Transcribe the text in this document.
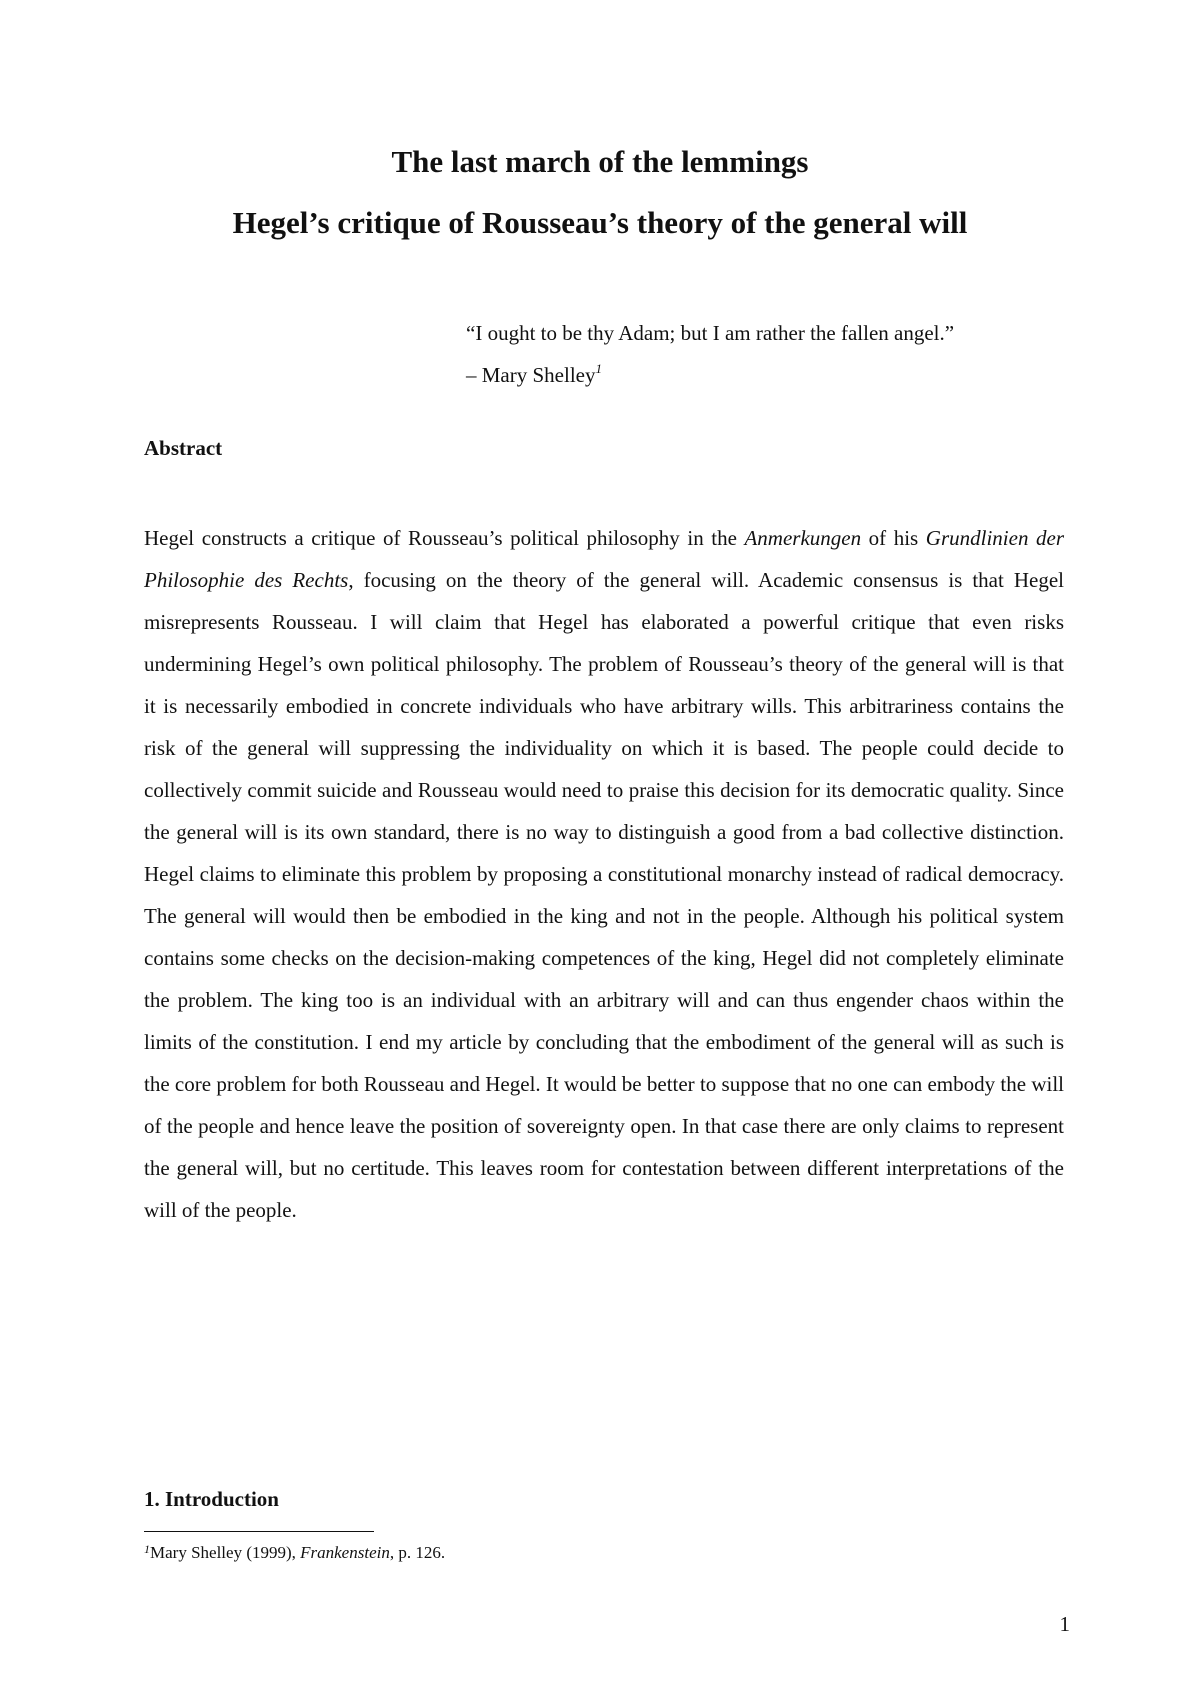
The last march of the lemmings

Hegel’s critique of Rousseau’s theory of the general will

“I ought to be thy Adam; but I am rather the fallen angel.”

– Mary Shelley$^1$

Abstract

Hegel constructs a critique of Rousseau’s political philosophy in the Anmerkungen of his Grundlinien der Philosophie des Rechts, focusing on the theory of the general will. Academic consensus is that Hegel misrepresents Rousseau. I will claim that Hegel has elaborated a powerful critique that even risks undermining Hegel’s own political philosophy. The problem of Rousseau’s theory of the general will is that it is necessarily embodied in concrete individuals who have arbitrary wills. This arbitrariness contains the risk of the general will suppressing the individuality on which it is based. The people could decide to collectively commit suicide and Rousseau would need to praise this decision for its democratic quality. Since the general will is its own standard, there is no way to distinguish a good from a bad collective distinction. Hegel claims to eliminate this problem by proposing a constitutional monarchy instead of radical democracy. The general will would then be embodied in the king and not in the people. Although his political system contains some checks on the decision-making competences of the king, Hegel did not completely eliminate the problem. The king too is an individual with an arbitrary will and can thus engender chaos within the limits of the constitution. I end my article by concluding that the embodiment of the general will as such is the core problem for both Rousseau and Hegel. It would be better to suppose that no one can embody the will of the people and hence leave the position of sovereignty open. In that case there are only claims to represent the general will, but no certitude. This leaves room for contestation between different interpretations of the will of the people.

1. Introduction

$^1$Mary Shelley (1999), Frankenstein, p. 126.
1
